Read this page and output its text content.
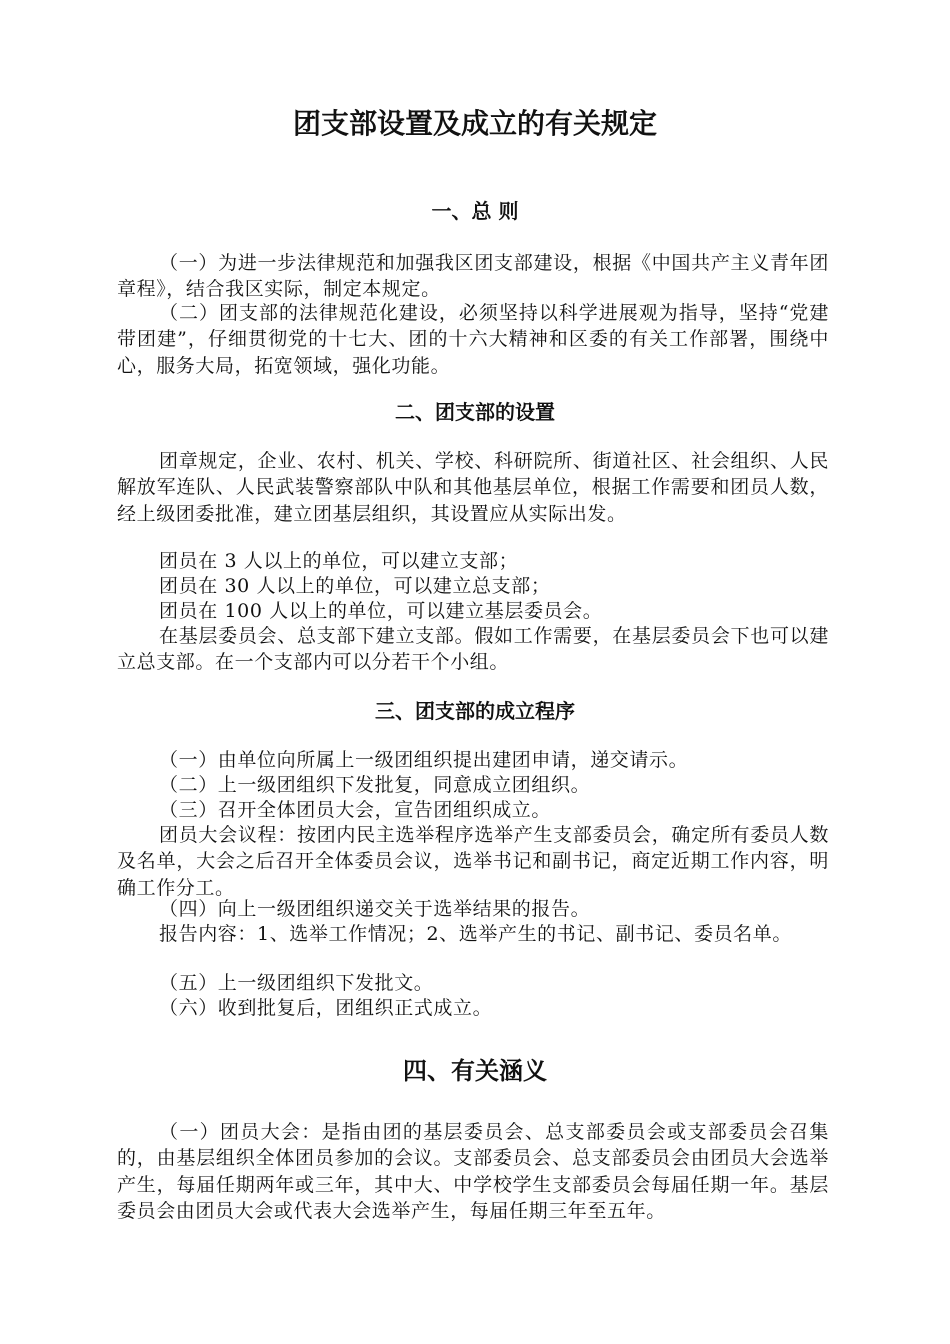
团支部设置及成立的有关规定
一、总 则

（一）为进一步法律规范和加强我区团支部建设，根据《中国共产主义青年团章程》，结合我区实际，制定本规定。

（二）团支部的法律规范化建设，必须坚持以科学进展观为指导，坚持“党建带团建”，仔细贯彻党的十七大、团的十六大精神和区委的有关工作部署，围绕中心，服务大局，拓宽领域，强化功能。

二、团支部的设置

团章规定，企业、农村、机关、学校、科研院所、街道社区、社会组织、人民解放军连队、人民武装警察部队中队和其他基层单位，根据工作需要和团员人数，经上级团委批准，建立团基层组织，其设置应从实际出发。

团员在 3 人以上的单位，可以建立支部；

团员在 30 人以上的单位，可以建立总支部；

团员在 100 人以上的单位，可以建立基层委员会。

在基层委员会、总支部下建立支部。假如工作需要，在基层委员会下也可以建立总支部。在一个支部内可以分若干个小组。

三、团支部的成立程序

（一）由单位向所属上一级团组织提出建团申请，递交请示。

（二）上一级团组织下发批复，同意成立团组织。

（三）召开全体团员大会，宣告团组织成立。

团员大会议程：按团内民主选举程序选举产生支部委员会，确定所有委员人数及名单，大会之后召开全体委员会议，选举书记和副书记，商定近期工作内容，明确工作分工。

（四）向上一级团组织递交关于选举结果的报告。

报告内容：1、选举工作情况；2、选举产生的书记、副书记、委员名单。

（五）上一级团组织下发批文。

（六）收到批复后，团组织正式成立。

四、有关涵义

（一）团员大会：是指由团的基层委员会、总支部委员会或支部委员会召集的，由基层组织全体团员参加的会议。支部委员会、总支部委员会由团员大会选举产生，每届任期两年或三年，其中大、中学校学生支部委员会每届任期一年。基层委员会由团员大会或代表大会选举产生，每届任期三年至五年。
